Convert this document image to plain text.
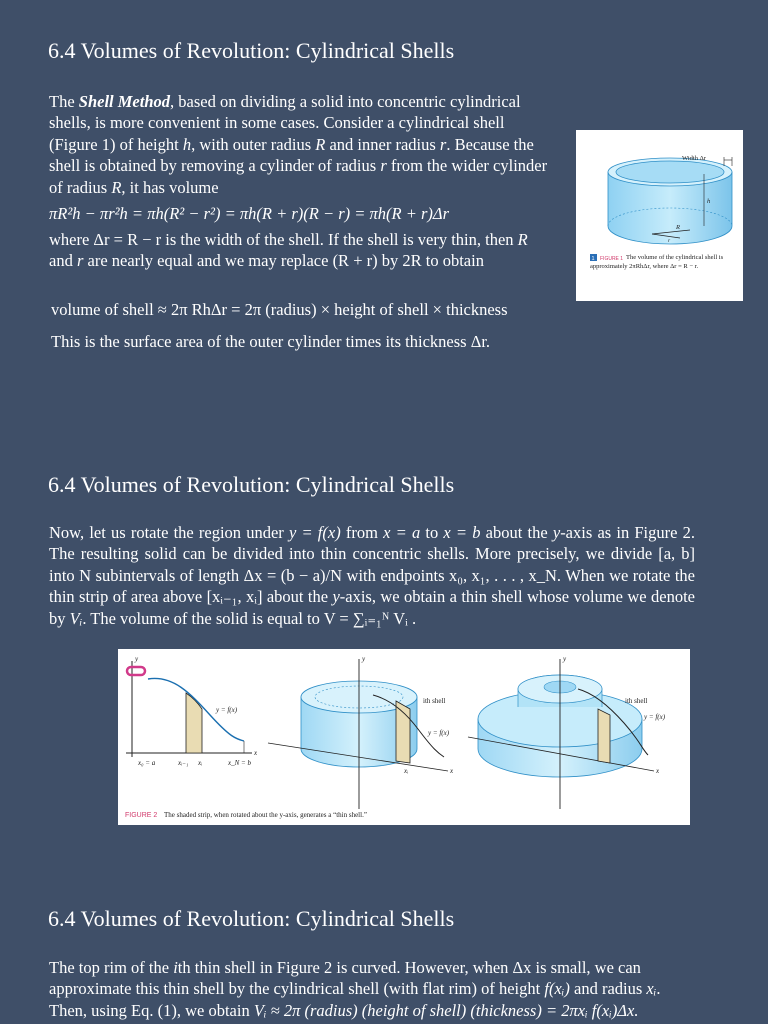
6.4 Volumes of Revolution: Cylindrical Shells
The Shell Method, based on dividing a solid into concentric cylindrical shells, is more convenient in some cases. Consider a cylindrical shell (Figure 1) of height h, with outer radius R and inner radius r. Because the shell is obtained by removing a cylinder of radius r from the wider cylinder of radius R, it has volume
πR²h − πr²h = πh(R² − r²) = πh(R + r)(R − r) = πh(R + r)Δr
where Δr = R − r is the width of the shell. If the shell is very thin, then R and r are nearly equal and we may replace (R + r) by 2R to obtain
volume of shell ≈ 2π RhΔr = 2π (radius) × height of shell × thickness
This is the surface area of the outer cylinder times its thickness Δr.
Width Δr
h
R
r
1 FIGURE 1 The volume of the cylindrical shell is approximately 2πRhΔr, where Δr = R − r.
6.4 Volumes of Revolution: Cylindrical Shells
Now, let us rotate the region under y = f(x) from x = a to x = b about the y-axis as in Figure 2. The resulting solid can be divided into thin concentric shells. More precisely, we divide [a, b] into N subintervals of length Δx = (b − a)/N with endpoints x₀, x₁, . . . , x_N. When we rotate the thin strip of area above [xᵢ₋₁, xᵢ] about the y-axis, we obtain a thin shell whose volume we denote by Vᵢ. The volume of the solid is equal to V = ∑ᵢ₌₁ᴺ Vᵢ .
y
x
y = f(x)
x₀ = a	xᵢ₋₁ xᵢ	x_N = b
y
x
ith shell
y = f(x)
xᵢ
y
x
ith shell
y = f(x)
FIGURE 2 The shaded strip, when rotated about the y-axis, generates a “thin shell.”
6.4 Volumes of Revolution: Cylindrical Shells
The top rim of the ith thin shell in Figure 2 is curved. However, when Δx is small, we can approximate this thin shell by the cylindrical shell (with flat rim) of height f(xᵢ) and radius xᵢ. Then, using Eq. (1), we obtain Vᵢ ≈ 2π (radius) (height of shell) (thickness) = 2πxᵢ f(xᵢ)Δx.
